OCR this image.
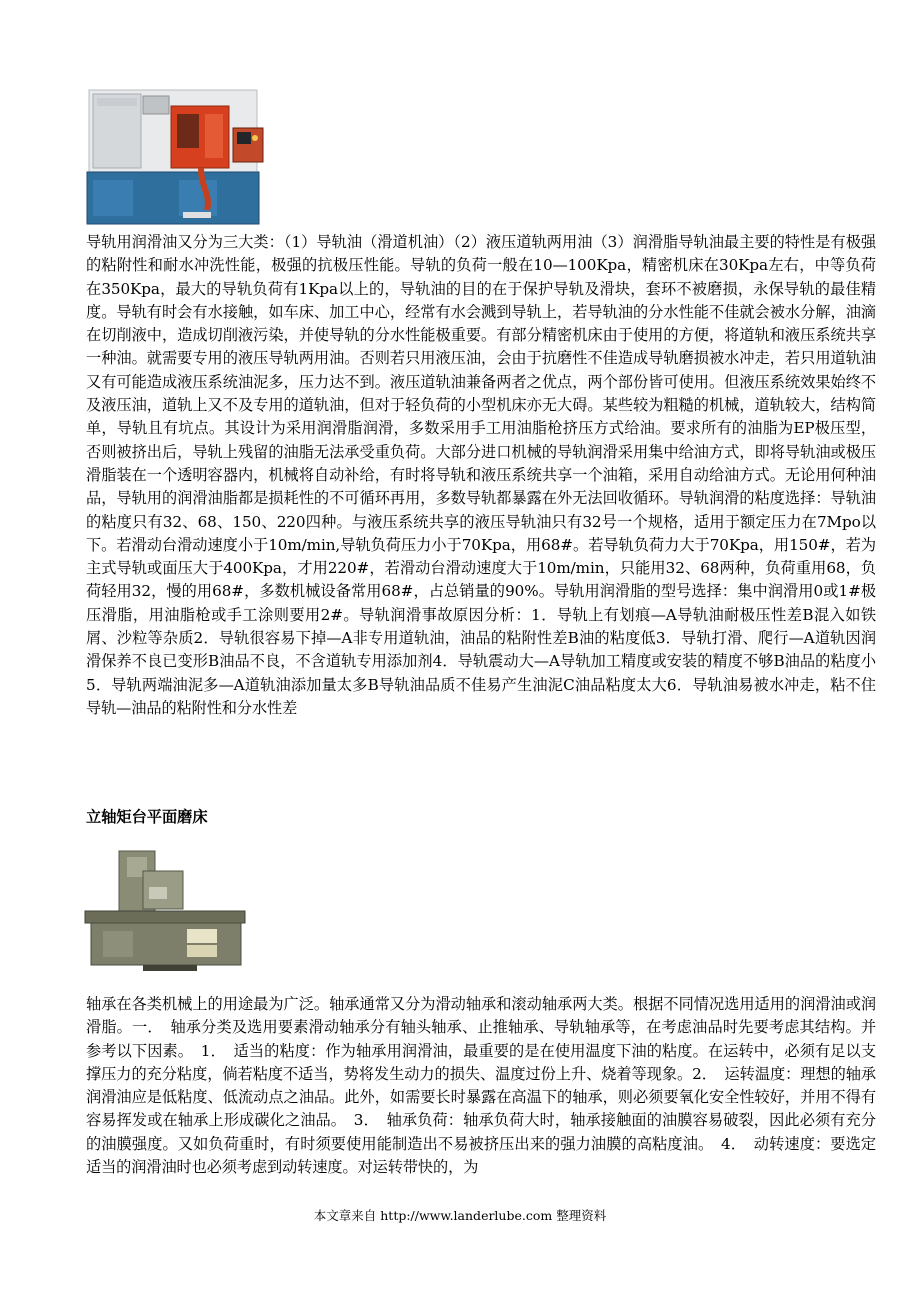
导轨用润滑油又分为三大类：（1）导轨油（滑道机油）（2）液压道轨两用油（3）润滑脂导轨油最主要的特性是有极强的粘附性和耐水冲洗性能，极强的抗极压性能。导轨的负荷一般在10—100Kpa，精密机床在30Kpa左右，中等负荷在350Kpa，最大的导轨负荷有1Kpa以上的，导轨油的目的在于保护导轨及滑块，套环不被磨损，永保导轨的最佳精度。导轨有时会有水接触，如车床、加工中心，经常有水会溅到导轨上，若导轨油的分水性能不佳就会被水分解，油滴在切削液中，造成切削液污染，并使导轨的分水性能极重要。有部分精密机床由于使用的方便，将道轨和液压系统共享一种油。就需要专用的液压导轨两用油。否则若只用液压油，会由于抗磨性不佳造成导轨磨损被水冲走，若只用道轨油又有可能造成液压系统油泥多，压力达不到。液压道轨油兼备两者之优点，两个部份皆可使用。但液压系统效果始终不及液压油，道轨上又不及专用的道轨油，但对于轻负荷的小型机床亦无大碍。某些较为粗糙的机械，道轨较大，结构简单，导轨且有坑点。其设计为采用润滑脂润滑，多数采用手工用油脂枪挤压方式给油。要求所有的油脂为EP极压型，否则被挤出后，导轨上残留的油脂无法承受重负荷。大部分进口机械的导轨润滑采用集中给油方式，即将导轨油或极压滑脂装在一个透明容器内，机械将自动补给，有时将导轨和液压系统共享一个油箱，采用自动给油方式。无论用何种油品，导轨用的润滑油脂都是损耗性的不可循环再用，多数导轨都暴露在外无法回收循环。导轨润滑的粘度选择：导轨油的粘度只有32、68、150、220四种。与液压系统共享的液压导轨油只有32号一个规格，适用于额定压力在7Mpo以下。若滑动台滑动速度小于10m/min,导轨负荷压力小于70Kpa，用68#。若导轨负荷力大于70Kpa，用150#，若为主式导轨或面压大于400Kpa，才用220#，若滑动台滑动速度大于10m/min，只能用32、68两种，负荷重用68，负荷轻用32，慢的用68#，多数机械设备常用68#，占总销量的90%。导轨用润滑脂的型号选择：集中润滑用0或1#极压滑脂，用油脂枪或手工涂则要用2#。导轨润滑事故原因分析：1．导轨上有划痕—A导轨油耐极压性差B混入如铁屑、沙粒等杂质2．导轨很容易下掉—A非专用道轨油，油品的粘附性差B油的粘度低3．导轨打滑、爬行—A道轨因润滑保养不良已变形B油品不良，不含道轨专用添加剂4．导轨震动大—A导轨加工精度或安装的精度不够B油品的粘度小5．导轨两端油泥多—A道轨油添加量太多B导轨油品质不佳易产生油泥C油品粘度太大6．导轨油易被水冲走，粘不住导轨—油品的粘附性和分水性差

立轴矩台平面磨床

轴承在各类机械上的用途最为广泛。轴承通常又分为滑动轴承和滚动轴承两大类。根据不同情况选用适用的润滑油或润滑脂。一．　轴承分类及选用要素滑动轴承分有轴头轴承、止推轴承、导轨轴承等，在考虑油品时先要考虑其结构。并参考以下因素。　1．　适当的粘度：作为轴承用润滑油，最重要的是在使用温度下油的粘度。在运转中，必须有足以支撑压力的充分粘度，倘若粘度不适当，势将发生动力的损失、温度过份上升、烧着等现象。2．　运转温度：理想的轴承润滑油应是低粘度、低流动点之油品。此外，如需要长时暴露在高温下的轴承，则必须要氧化安全性较好，并用不得有容易挥发或在轴承上形成碳化之油品。　3．　轴承负荷：轴承负荷大时，轴承接触面的油膜容易破裂，因此必须有充分的油膜强度。又如负荷重时，有时须要使用能制造出不易被挤压出来的强力油膜的高粘度油。　4．　动转速度：要选定适当的润滑油时也必须考虑到动转速度。对运转带快的，为

本文章来自 http://www.landerlube.com 整理资料
